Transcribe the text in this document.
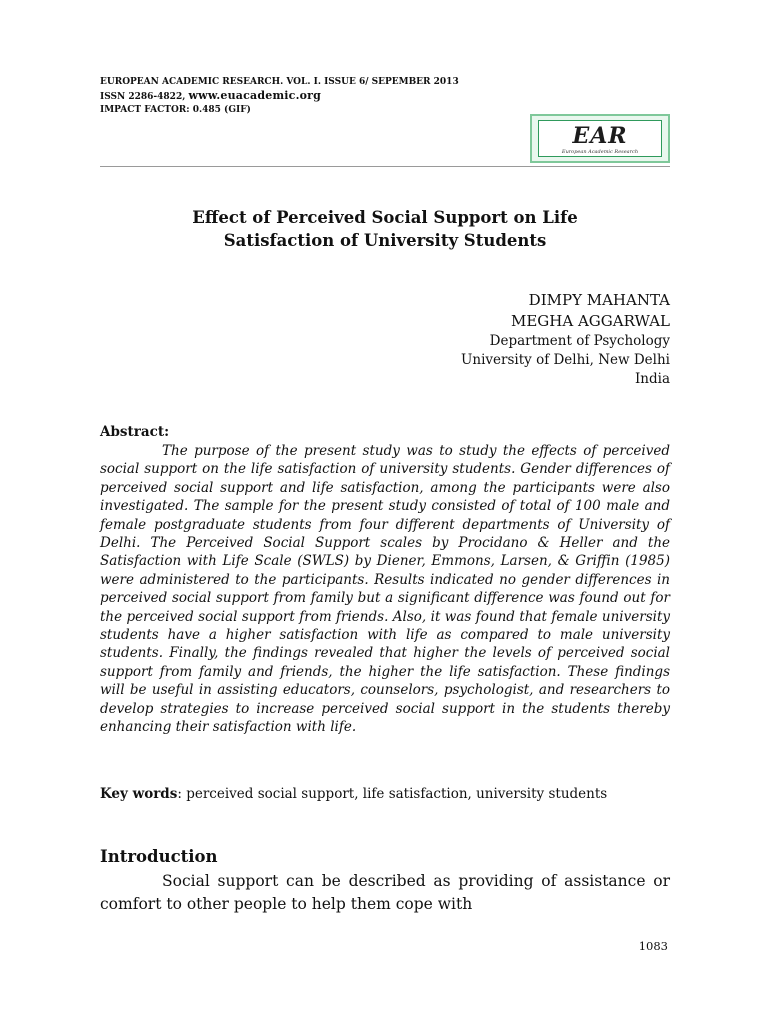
EUROPEAN ACADEMIC RESEARCH. VOL. I. ISSUE 6/ SEPEMBER 2013
ISSN 2286-4822, www.euacademic.org
IMPACT FACTOR: 0.485 (GIF)
EAR
European Academic Research
Effect of Perceived Social Support on Life
Satisfaction of University Students
DIMPY MAHANTA
MEGHA AGGARWAL
Department of Psychology
University of Delhi, New Delhi
India
Abstract:
The purpose of the present study was to study the effects of perceived social support on the life satisfaction of university students. Gender differences of perceived social support and life satisfaction, among the participants were also investigated. The sample for the present study consisted of total of 100 male and female postgraduate students from four different departments of University of Delhi. The Perceived Social Support scales by Procidano & Heller and the Satisfaction with Life Scale (SWLS) by Diener, Emmons, Larsen, & Griffin (1985) were administered to the participants. Results indicated no gender differences in perceived social support from family but a significant difference was found out for the perceived social support from friends. Also, it was found that female university students have a higher satisfaction with life as compared to male university students. Finally, the findings revealed that higher the levels of perceived social support from family and friends, the higher the life satisfaction. These findings will be useful in assisting educators, counselors, psychologist, and researchers to develop strategies to increase perceived social support in the students thereby enhancing their satisfaction with life.
Key words: perceived social support, life satisfaction, university students
Introduction
Social support can be described as providing of assistance or comfort to other people to help them cope with
1083
